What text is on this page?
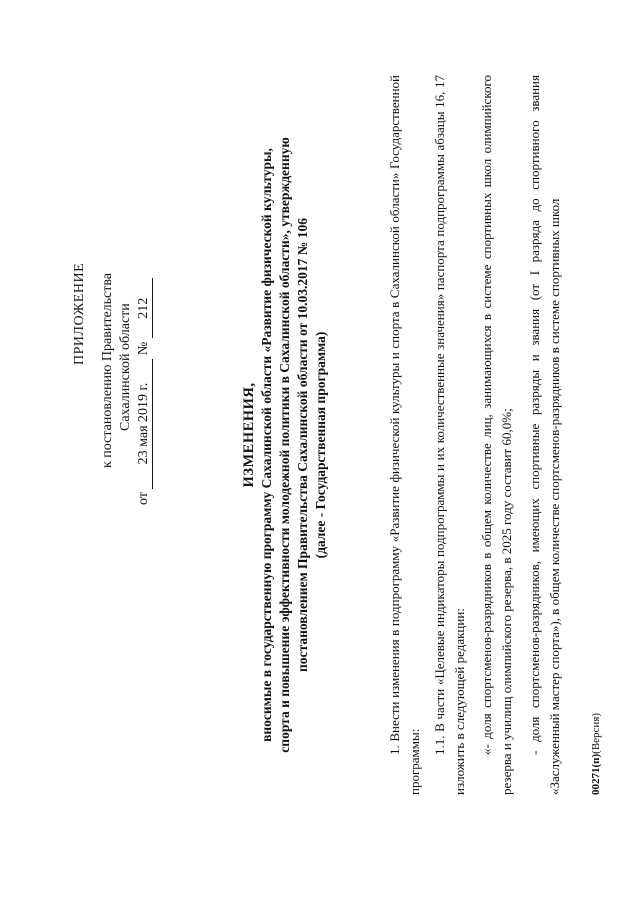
ПРИЛОЖЕНИЕ к постановлению Правительства Сахалинской области
от 23 мая 2019 г. № 212
ИЗМЕНЕНИЯ, вносимые в государственную программу Сахалинской области «Развитие физической культуры, спорта и повышение эффективности молодежной политики в Сахалинской области», утвержденную постановлением Правительства Сахалинской области от 10.03.2017 № 106 (далее - Государственная программа)	1. Внести изменения в подпрограмму «Развитие физической культуры и спорта в Сахалинской области» Государственной программы:
1.1. В части «Целевые индикаторы подпрограммы и их количественные значения» паспорта подпрограммы абзацы 16, 17 изложить в следующей редакции: «- доля спортсменов-разрядников в общем количестве лиц, занимающихся в системе спортивных школ олимпийского резерва и училищ олимпийского резерва, в 2025 году составит 60,0%; - доля спортсменов-разрядников, имеющих спортивные разряды и звания (от I разряда до спортивного звания «Заслуженный мастер спорта»), в общем количестве спортсменов-разрядников в системе спортивных школ	00271(п)(Версия)
